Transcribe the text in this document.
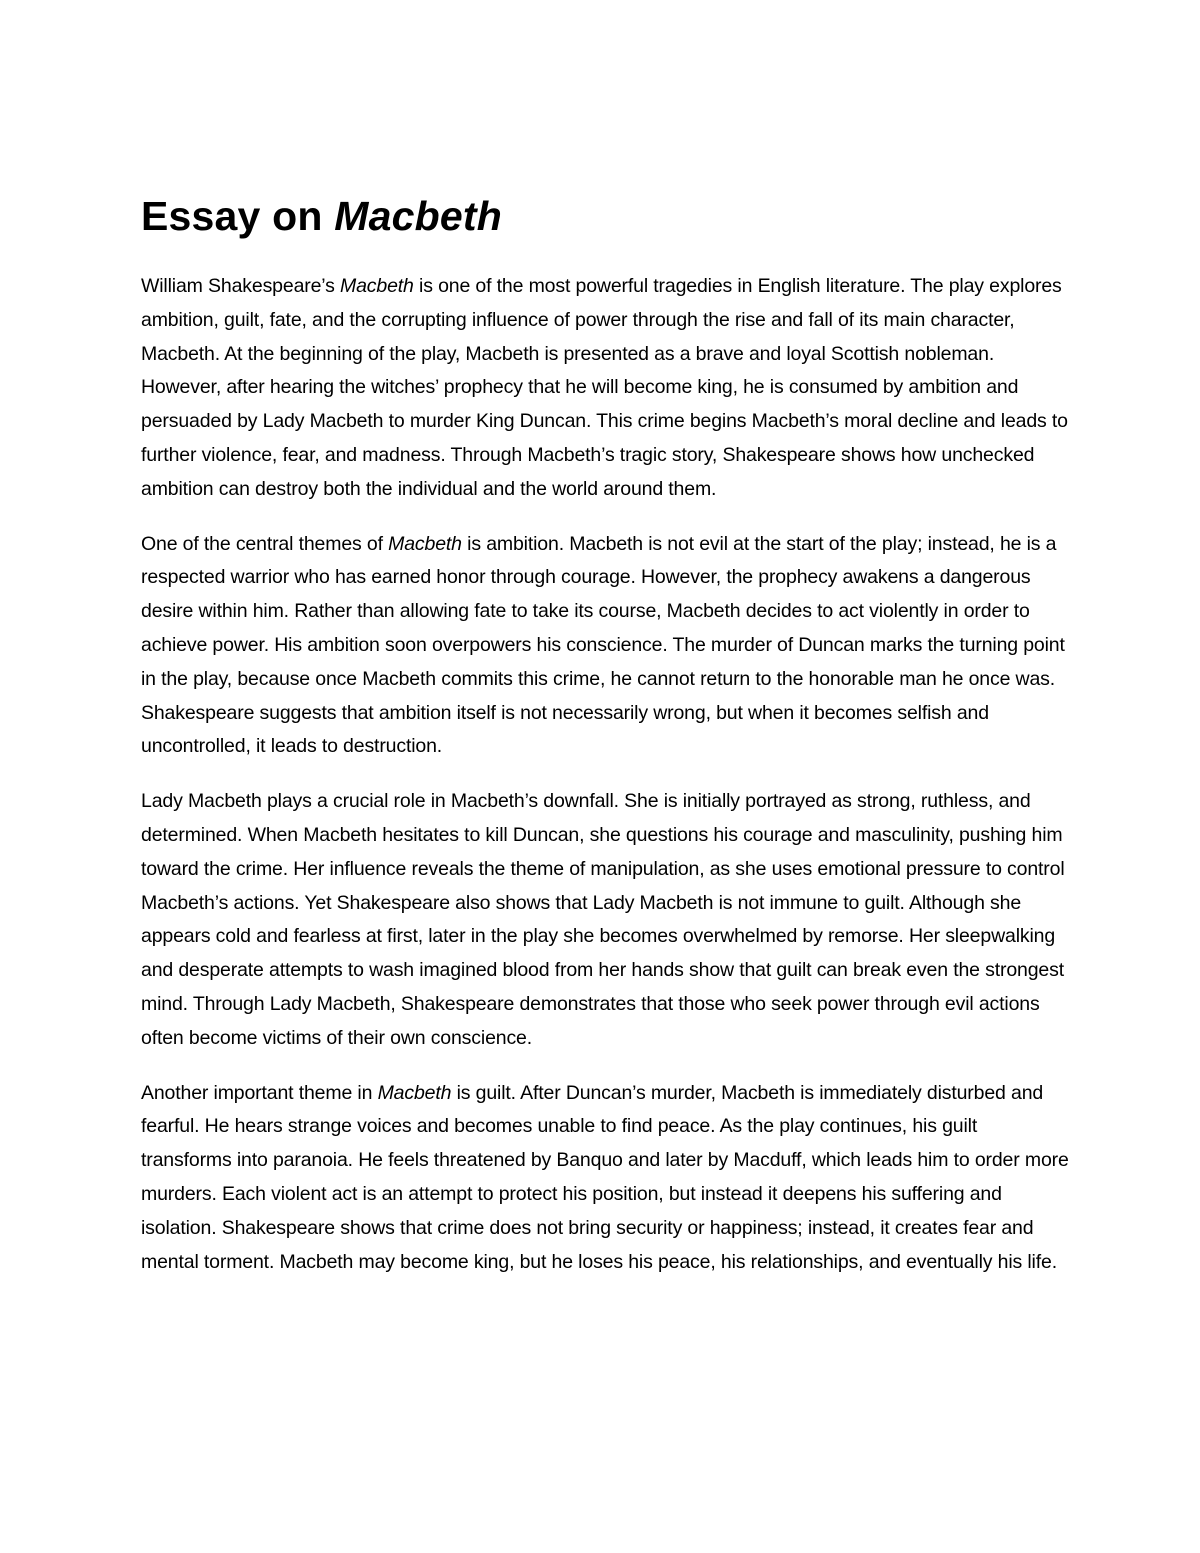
Essay on Macbeth

William Shakespeare’s Macbeth is one of the most powerful tragedies in English literature. The play explores ambition, guilt, fate, and the corrupting influence of power through the rise and fall of its main character, Macbeth. At the beginning of the play, Macbeth is presented as a brave and loyal Scottish nobleman. However, after hearing the witches’ prophecy that he will become king, he is consumed by ambition and persuaded by Lady Macbeth to murder King Duncan. This crime begins Macbeth’s moral decline and leads to further violence, fear, and madness. Through Macbeth’s tragic story, Shakespeare shows how unchecked ambition can destroy both the individual and the world around them.

One of the central themes of Macbeth is ambition. Macbeth is not evil at the start of the play; instead, he is a respected warrior who has earned honor through courage. However, the prophecy awakens a dangerous desire within him. Rather than allowing fate to take its course, Macbeth decides to act violently in order to achieve power. His ambition soon overpowers his conscience. The murder of Duncan marks the turning point in the play, because once Macbeth commits this crime, he cannot return to the honorable man he once was. Shakespeare suggests that ambition itself is not necessarily wrong, but when it becomes selfish and uncontrolled, it leads to destruction.

Lady Macbeth plays a crucial role in Macbeth’s downfall. She is initially portrayed as strong, ruthless, and determined. When Macbeth hesitates to kill Duncan, she questions his courage and masculinity, pushing him toward the crime. Her influence reveals the theme of manipulation, as she uses emotional pressure to control Macbeth’s actions. Yet Shakespeare also shows that Lady Macbeth is not immune to guilt. Although she appears cold and fearless at first, later in the play she becomes overwhelmed by remorse. Her sleepwalking and desperate attempts to wash imagined blood from her hands show that guilt can break even the strongest mind. Through Lady Macbeth, Shakespeare demonstrates that those who seek power through evil actions often become victims of their own conscience.

Another important theme in Macbeth is guilt. After Duncan’s murder, Macbeth is immediately disturbed and fearful. He hears strange voices and becomes unable to find peace. As the play continues, his guilt transforms into paranoia. He feels threatened by Banquo and later by Macduff, which leads him to order more murders. Each violent act is an attempt to protect his position, but instead it deepens his suffering and isolation. Shakespeare shows that crime does not bring security or happiness; instead, it creates fear and mental torment. Macbeth may become king, but he loses his peace, his relationships, and eventually his life.
